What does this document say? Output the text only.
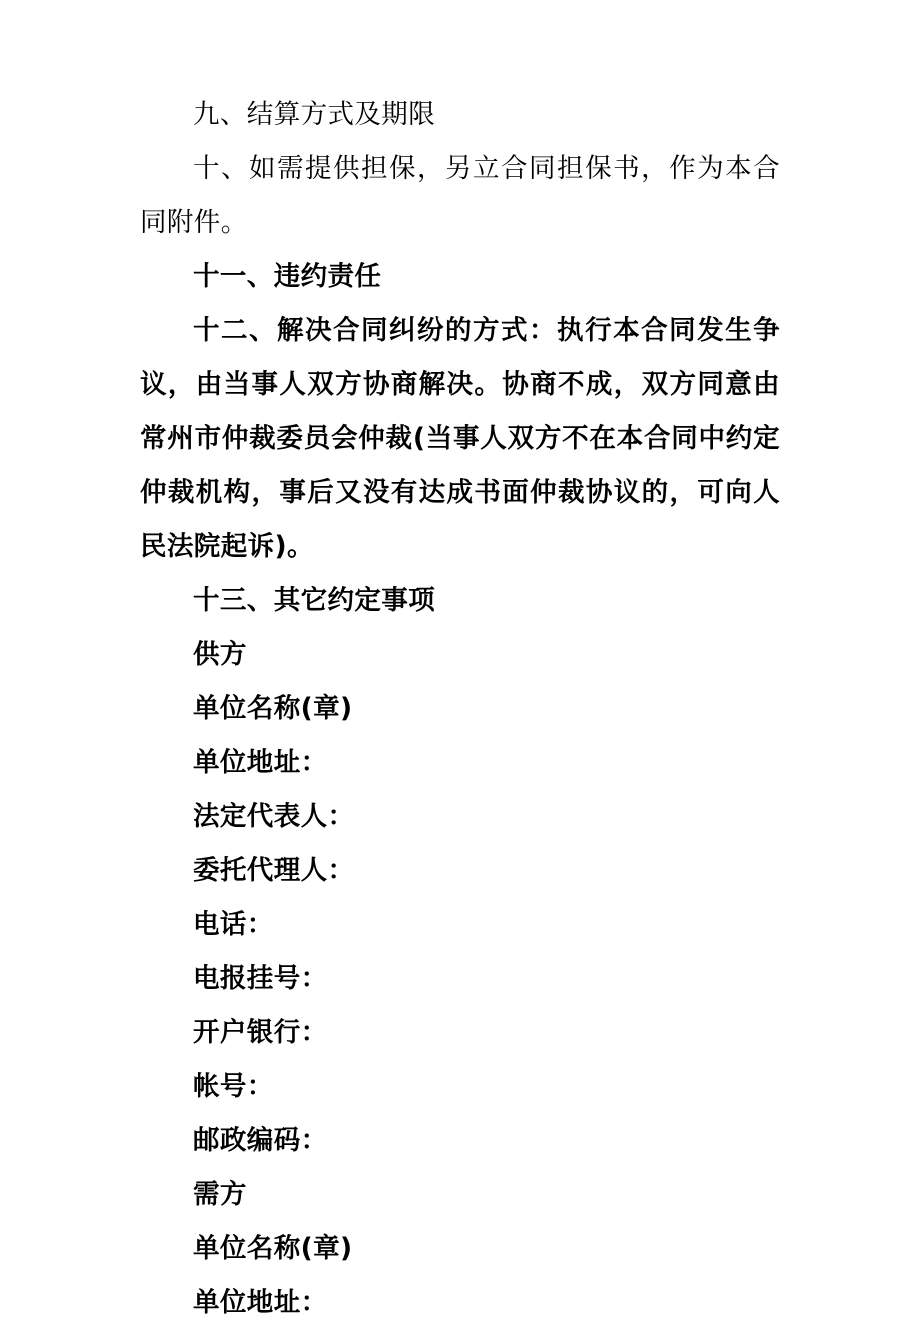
九、结算方式及期限

十、如需提供担保，另立合同担保书，作为本合同附件。

十一、违约责任

十二、解决合同纠纷的方式：执行本合同发生争议，由当事人双方协商解决。协商不成，双方同意由常州市仲裁委员会仲裁(当事人双方不在本合同中约定仲裁机构，事后又没有达成书面仲裁协议的，可向人民法院起诉)。

十三、其它约定事项

供方

单位名称(章)

单位地址：

法定代表人：

委托代理人：

电话：

电报挂号：

开户银行：

帐号：

邮政编码：

需方

单位名称(章)

单位地址：
